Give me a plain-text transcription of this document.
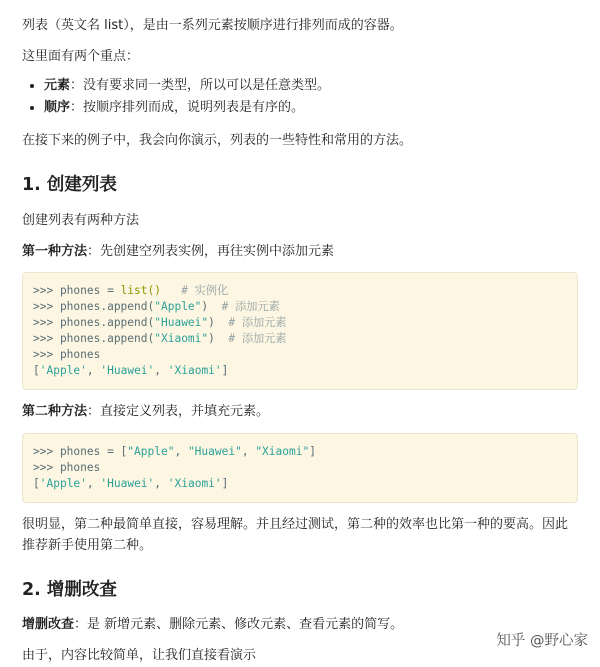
列表（英文名 list），是由一系列元素按顺序进行排列而成的容器。

这里面有两个重点：

• 元素：没有要求同一类型，所以可以是任意类型。
• 顺序：按顺序排列而成，说明列表是有序的。

在接下来的例子中，我会向你演示，列表的一些特性和常用的方法。

1. 创建列表

创建列表有两种方法

第一种方法：先创建空列表实例，再往实例中添加元素

>>> phones = list()   # 实例化
>>> phones.append("Apple")  # 添加元素
>>> phones.append("Huawei")  # 添加元素
>>> phones.append("Xiaomi")  # 添加元素
>>> phones
['Apple', 'Huawei', 'Xiaomi']

第二种方法：直接定义列表，并填充元素。

>>> phones = ["Apple", "Huawei", "Xiaomi"]
>>> phones
['Apple', 'Huawei', 'Xiaomi']

很明显，第二种最简单直接，容易理解。并且经过测试，第二种的效率也比第一种的要高。因此推荐新手使用第二种。

2. 增删改查

增删改查：是 新增元素、删除元素、修改元素、查看元素的简写。

由于，内容比较简单，让我们直接看演示

知乎 @野心家
